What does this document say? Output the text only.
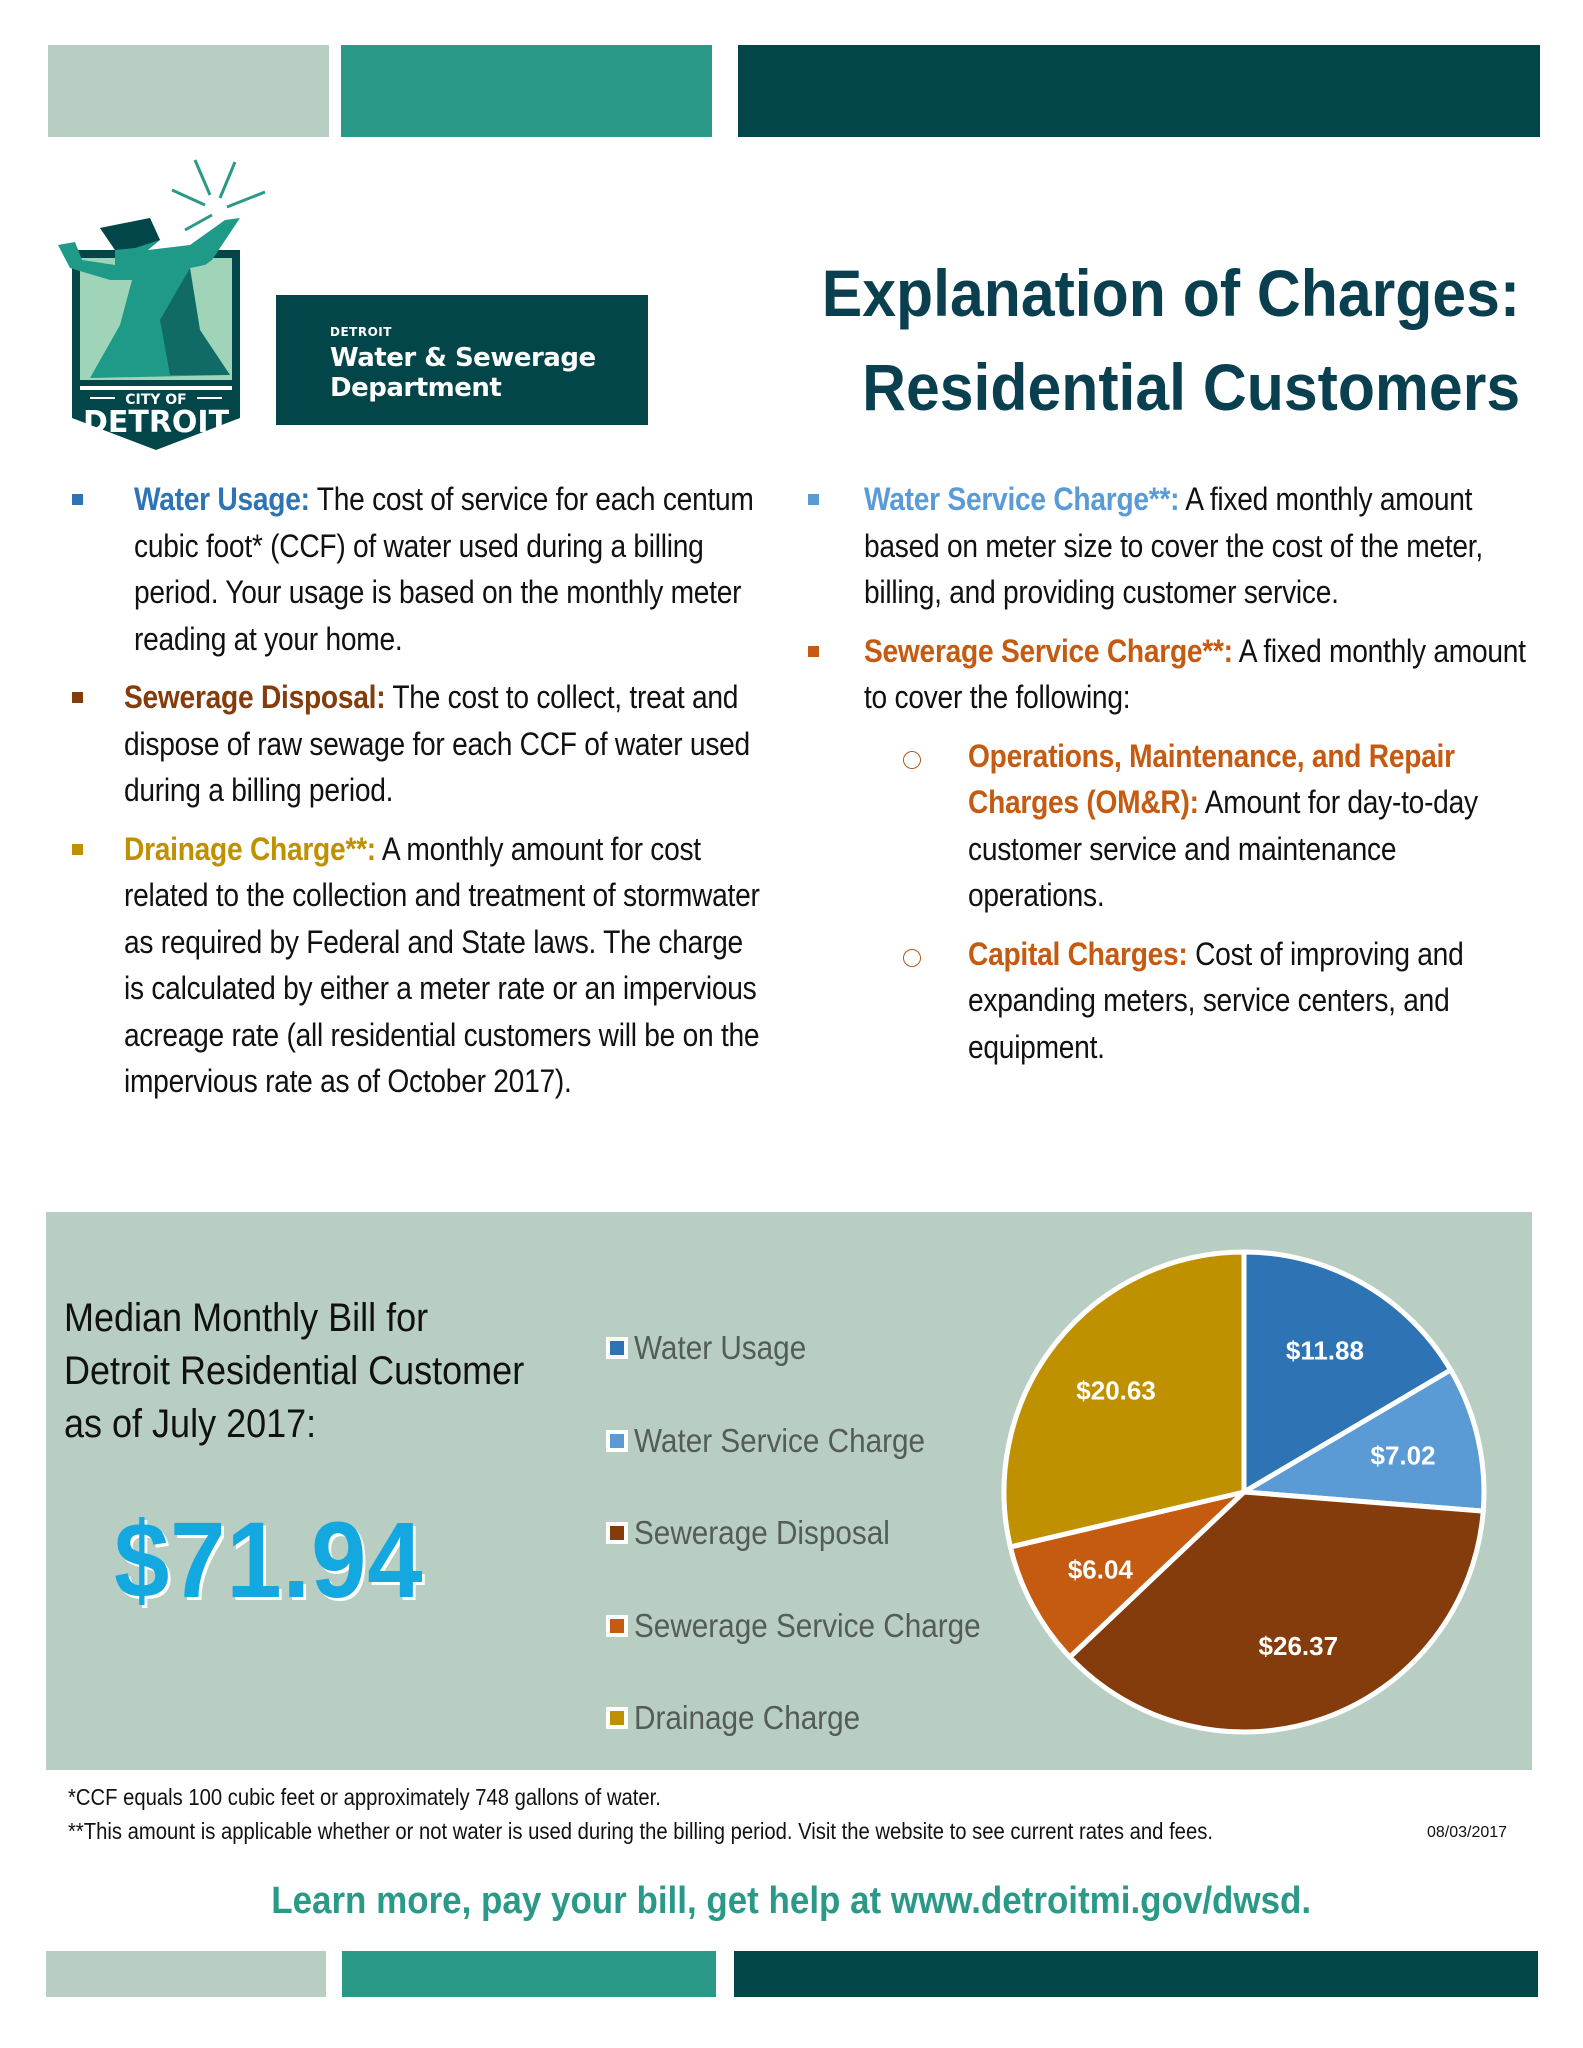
CITY OF
DETROIT
DETROIT
Water & Sewerage
Department
Explanation of Charges:
Residential Customers
Water Usage: The cost of service for each centum cubic foot* (CCF) of water used during a billing period. Your usage is based on the monthly meter reading at your home.
Sewerage Disposal: The cost to collect, treat and dispose of raw sewage for each CCF of water used during a billing period.
Drainage Charge**: A monthly amount for cost related to the collection and treatment of stormwater as required by Federal and State laws. The charge is calculated by either a meter rate or an impervious acreage rate (all residential customers will be on the impervious rate as of October 2017).
Water Service Charge**: A fixed monthly amount based on meter size to cover the cost of the meter, billing, and providing customer service.
Sewerage Service Charge**: A fixed monthly amount to cover the following:
Operations, Maintenance, and Repair Charges (OM&R): Amount for day-to-day customer service and maintenance operations.
Capital Charges: Cost of improving and expanding meters, service centers, and equipment.
Median Monthly Bill for Detroit Residential Customer as of July 2017:
$71.94
Water Usage
Water Service Charge
Sewerage Disposal
Sewerage Service Charge
Drainage Charge
$11.88
$7.02
$26.37
$6.04
$20.63
*CCF equals 100 cubic feet or approximately 748 gallons of water.
**This amount is applicable whether or not water is used during the billing period. Visit the website to see current rates and fees.	08/03/2017
Learn more, pay your bill, get help at www.detroitmi.gov/dwsd.
